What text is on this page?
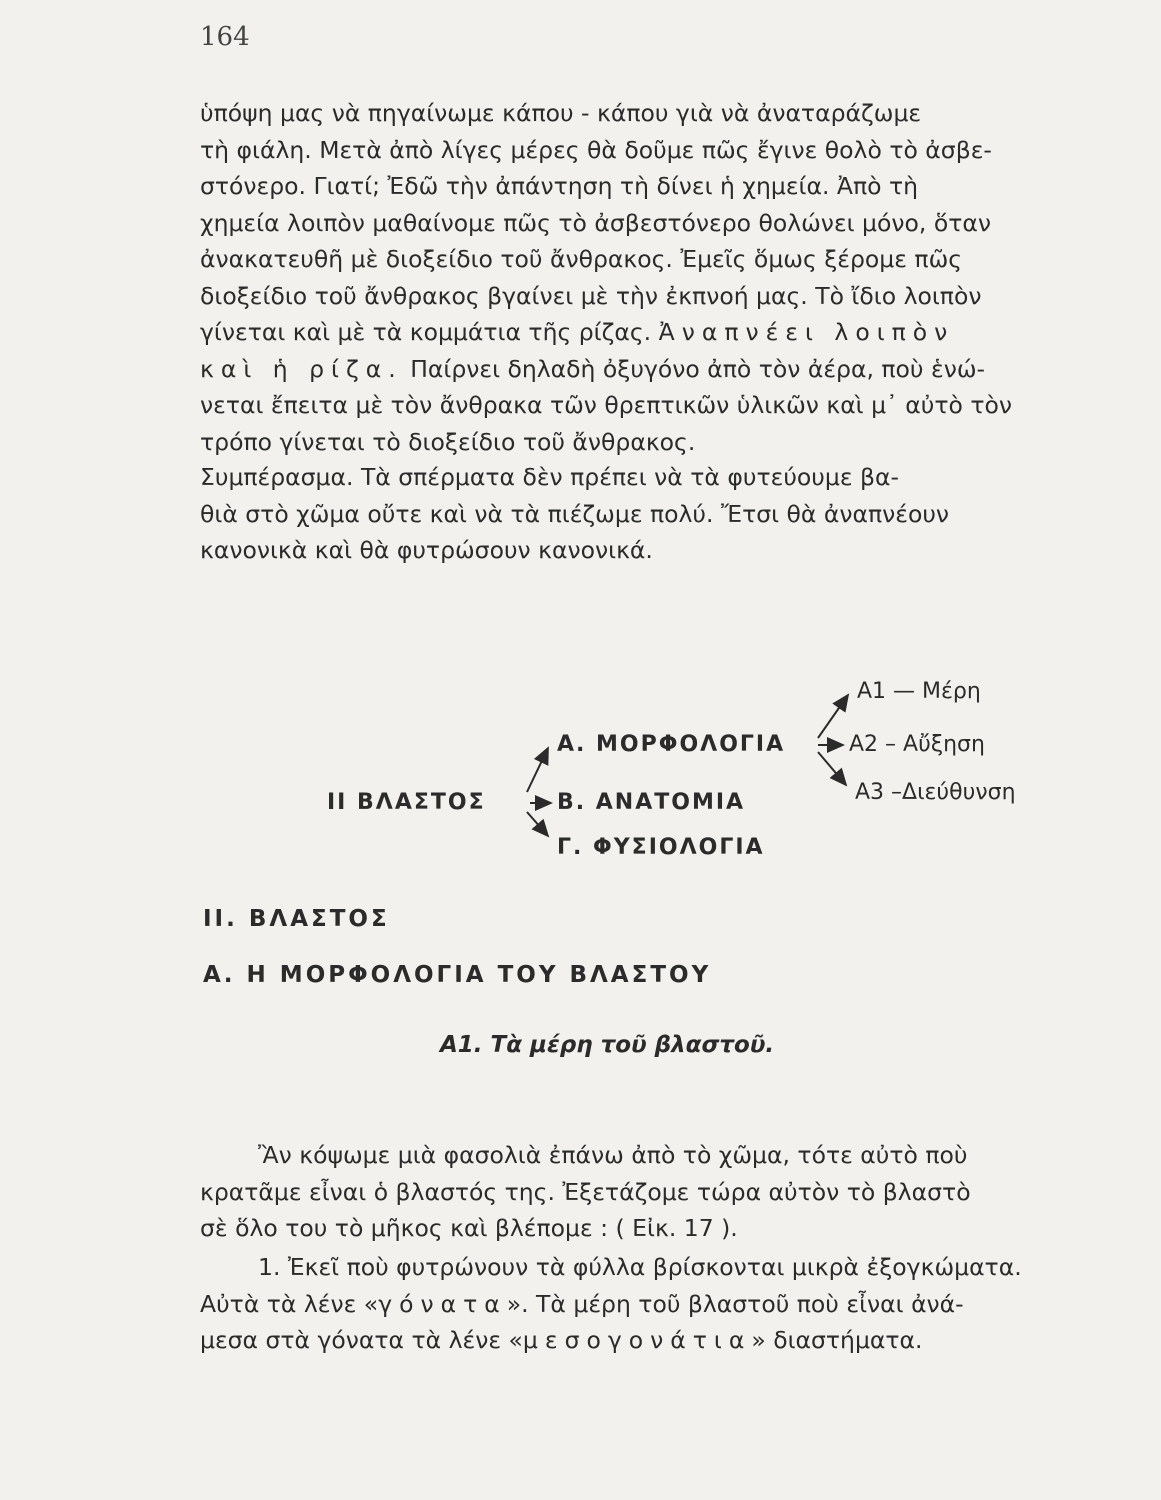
164
ὑπόψη μας νὰ πηγαίνωμε κάπου - κάπου γιὰ νὰ ἀναταράζωμε
τὴ φιάλη. Μετὰ ἀπὸ λίγες μέρες θὰ δοῦμε πῶς ἔγινε θολὸ τὸ ἀσβε-
στόνερο. Γιατί; Ἐδῶ τὴν ἀπάντηση τὴ δίνει ἡ χημεία. Ἀπὸ τὴ
χημεία λοιπὸν μαθαίνομε πῶς τὸ ἀσβεστόνερο θολώνει μόνο, ὅταν
ἀνακατευθῆ μὲ διοξείδιο τοῦ ἄνθρακος. Ἐμεῖς ὅμως ξέρομε πῶς
διοξείδιο τοῦ ἄνθρακος βγαίνει μὲ τὴν ἐκπνοή μας. Τὸ ἴδιο λοιπὸν
γίνεται καὶ μὲ τὰ κομμάτια τῆς ρίζας. Ἀναπνέει λοιπὸν
καὶ ἡ ρίζα. Παίρνει δηλαδὴ ὀξυγόνο ἀπὸ τὸν ἀέρα, ποὺ ἑνώ-
νεται ἔπειτα μὲ τὸν ἄνθρακα τῶν θρεπτικῶν ὑλικῶν καὶ μ᾽ αὐτὸ τὸν
τρόπο γίνεται τὸ διοξείδιο τοῦ ἄνθρακος.
Συμπέρασμα. Τὰ σπέρματα δὲν πρέπει νὰ τὰ φυτεύουμε βα-
θιὰ στὸ χῶμα οὔτε καὶ νὰ τὰ πιέζωμε πολύ. Ἔτσι θὰ ἀναπνέουν
κανονικὰ καὶ θὰ φυτρώσουν κανονικά.
II ΒΛΑΣΤΟΣ
Α. ΜΟΡΦΟΛΟΓΙΑ
Β. ΑΝΑΤΟΜΙΑ
Γ. ΦΥΣΙΟΛΟΓΙΑ
Α1 — Μέρη
Α2 – Αὔξηση
Α3 –Διεύθυνση
ΙΙ. ΒΛΑΣΤΟΣ
Α. Η ΜΟΡΦΟΛΟΓΙΑ ΤΟΥ ΒΛΑΣΤΟΥ
Α1. Τὰ μέρη τοῦ βλαστοῦ.
Ἂν κόψωμε μιὰ φασολιὰ ἐπάνω ἀπὸ τὸ χῶμα, τότε αὐτὸ ποὺ
κρατᾶμε εἶναι ὁ βλαστός της. Ἐξετάζομε τώρα αὐτὸν τὸ βλαστὸ
σὲ ὅλο του τὸ μῆκος καὶ βλέπομε : ( Εἰκ. 17 ).
1. Ἐκεῖ ποὺ φυτρώνουν τὰ φύλλα βρίσκονται μικρὰ ἐξογκώματα.
Αὐτὰ τὰ λένε «γόνατα». Τὰ μέρη τοῦ βλαστοῦ ποὺ εἶναι ἀνά-
μεσα στὰ γόνατα τὰ λένε «μεσογονάτια» διαστήματα.
